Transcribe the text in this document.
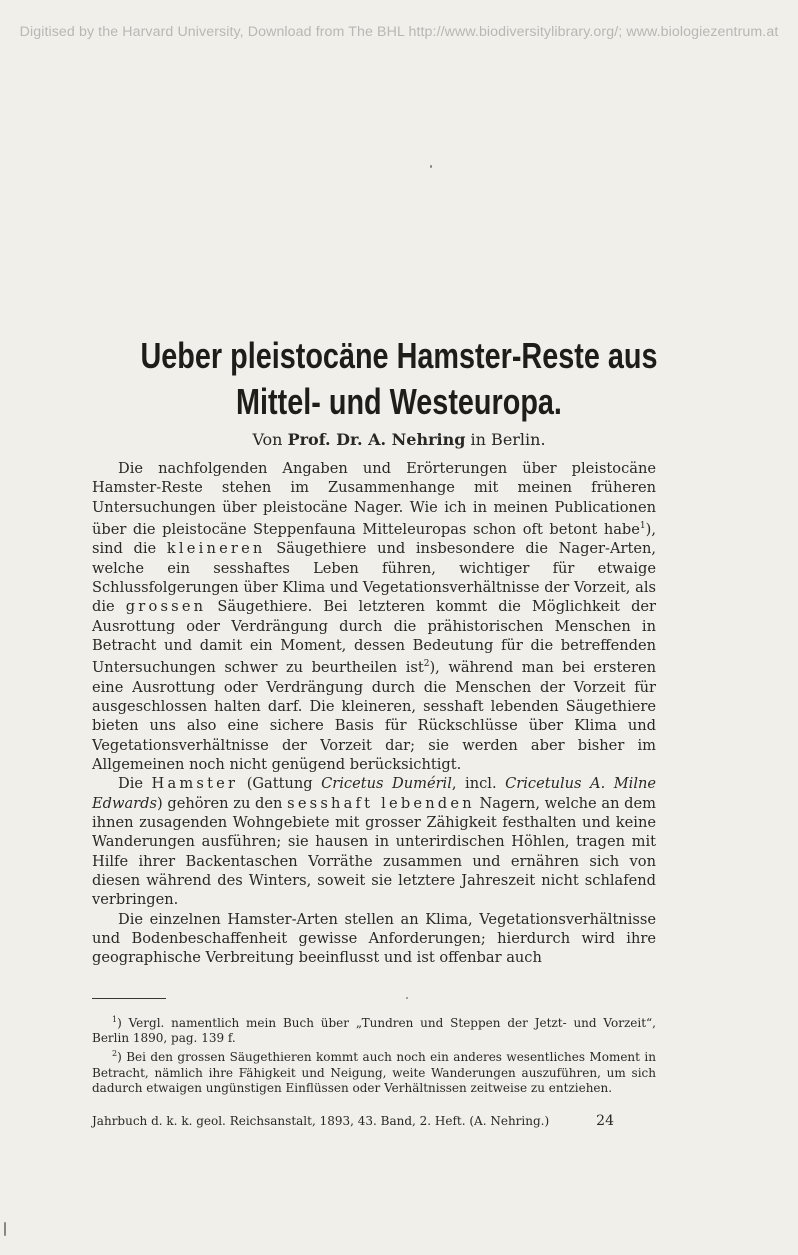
Digitised by the Harvard University, Download from The BHL http://www.biodiversitylibrary.org/; www.biologiezentrum.at
Ueber pleistocäne Hamster-Reste aus
Mittel- und Westeuropa.
Von Prof. Dr. A. Nehring in Berlin.

Die nachfolgenden Angaben und Erörterungen über pleistocäne Hamster-Reste stehen im Zusammenhange mit meinen früheren Untersuchungen über pleistocäne Nager. Wie ich in meinen Publicationen über die pleistocäne Steppenfauna Mitteleuropas schon oft betont habe$^1$), sind die kleineren Säugethiere und insbesondere die Nager-Arten, welche ein sesshaftes Leben führen, wichtiger für etwaige Schlussfolgerungen über Klima und Vegetationsverhältnisse der Vorzeit, als die grossen Säugethiere. Bei letzteren kommt die Möglichkeit der Ausrottung oder Verdrängung durch die prähistorischen Menschen in Betracht und damit ein Moment, dessen Bedeutung für die betreffenden Untersuchungen schwer zu beurtheilen ist$^2$), während man bei ersteren eine Ausrottung oder Verdrängung durch die Menschen der Vorzeit für ausgeschlossen halten darf. Die kleineren, sesshaft lebenden Säugethiere bieten uns also eine sichere Basis für Rückschlüsse über Klima und Vegetationsverhältnisse der Vorzeit dar; sie werden aber bisher im Allgemeinen noch nicht genügend berücksichtigt.

Die Hamster (Gattung Cricetus Duméril, incl. Cricetulus A. Milne Edwards) gehören zu den sesshaft lebenden Nagern, welche an dem ihnen zusagenden Wohngebiete mit grosser Zähigkeit festhalten und keine Wanderungen ausführen; sie hausen in unterirdischen Höhlen, tragen mit Hilfe ihrer Backentaschen Vorräthe zusammen und ernähren sich von diesen während des Winters, soweit sie letztere Jahreszeit nicht schlafend verbringen.

Die einzelnen Hamster-Arten stellen an Klima, Vegetationsverhältnisse und Bodenbeschaffenheit gewisse Anforderungen; hierdurch wird ihre geographische Verbreitung beeinflusst und ist offenbar auch

$^1$) Vergl. namentlich mein Buch über „Tundren und Steppen der Jetzt- und Vorzeit“, Berlin 1890, pag. 139 f.

$^2$) Bei den grossen Säugethieren kommt auch noch ein anderes wesentliches Moment in Betracht, nämlich ihre Fähigkeit und Neigung, weite Wanderungen auszuführen, um sich dadurch etwaigen ungünstigen Einflüssen oder Verhältnissen zeitweise zu entziehen.

Jahrbuch d. k. k. geol. Reichsanstalt, 1893, 43. Band, 2. Heft. (A. Nehring.)	24
